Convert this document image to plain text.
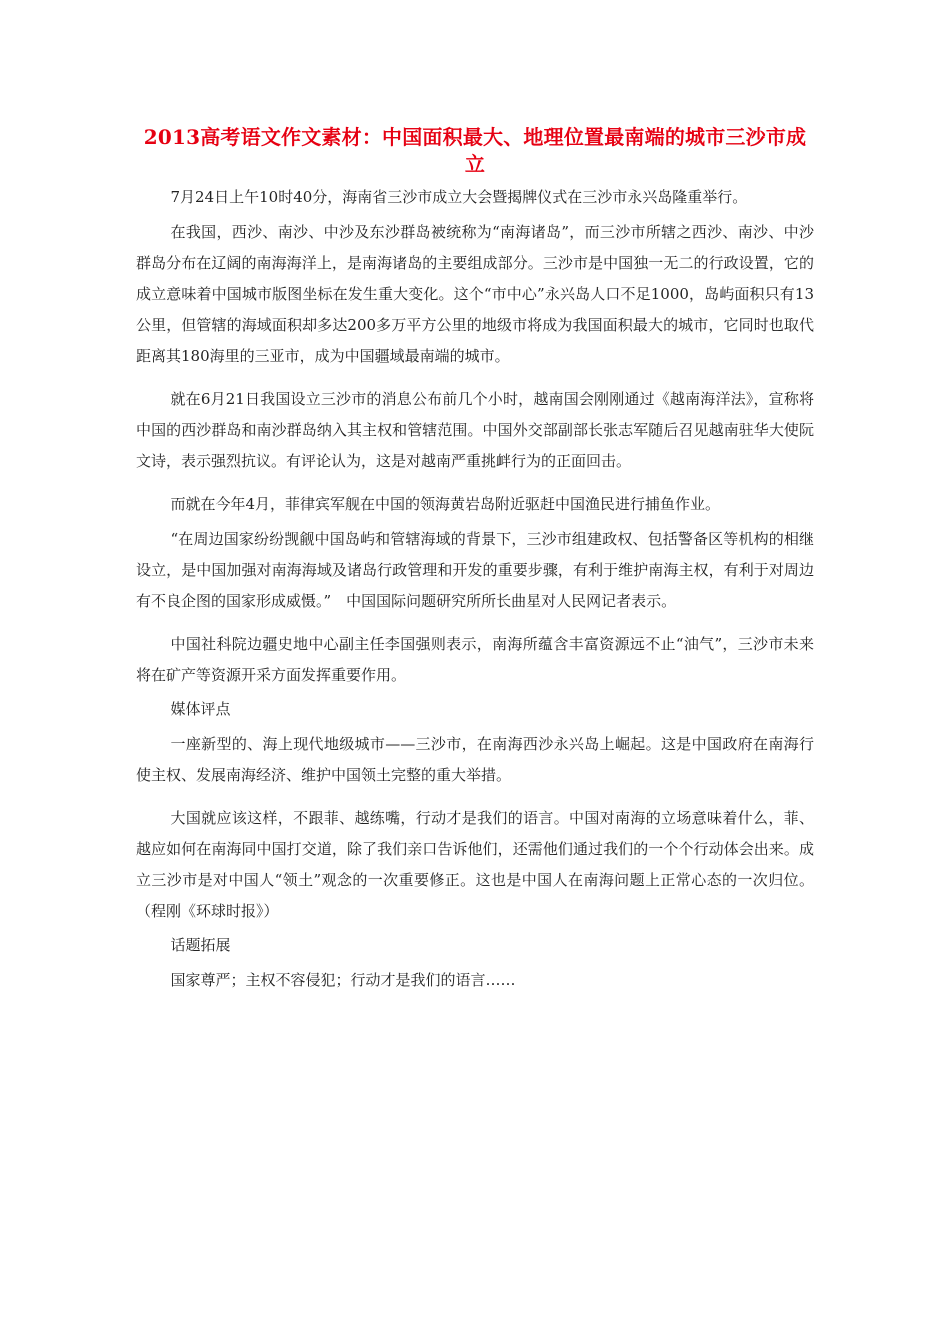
2013高考语文作文素材：中国面积最大、地理位置最南端的城市三沙市成立

7月24日上午10时40分，海南省三沙市成立大会暨揭牌仪式在三沙市永兴岛隆重举行。

在我国，西沙、南沙、中沙及东沙群岛被统称为“南海诸岛”，而三沙市所辖之西沙、南沙、中沙群岛分布在辽阔的南海海洋上，是南海诸岛的主要组成部分。三沙市是中国独一无二的行政设置，它的成立意味着中国城市版图坐标在发生重大变化。这个“市中心”永兴岛人口不足1000，岛屿面积只有13公里，但管辖的海域面积却多达200多万平方公里的地级市将成为我国面积最大的城市，它同时也取代距离其180海里的三亚市，成为中国疆域最南端的城市。

就在6月21日我国设立三沙市的消息公布前几个小时，越南国会刚刚通过《越南海洋法》，宣称将中国的西沙群岛和南沙群岛纳入其主权和管辖范围。中国外交部副部长张志军随后召见越南驻华大使阮文诗，表示强烈抗议。有评论认为，这是对越南严重挑衅行为的正面回击。

而就在今年4月，菲律宾军舰在中国的领海黄岩岛附近驱赶中国渔民进行捕鱼作业。

“在周边国家纷纷觊觎中国岛屿和管辖海域的背景下，三沙市组建政权、包括警备区等机构的相继设立，是中国加强对南海海域及诸岛行政管理和开发的重要步骤，有利于维护南海主权，有利于对周边有不良企图的国家形成威慑。”　中国国际问题研究所所长曲星对人民网记者表示。

中国社科院边疆史地中心副主任李国强则表示，南海所蕴含丰富资源远不止“油气”，三沙市未来将在矿产等资源开采方面发挥重要作用。

媒体评点

一座新型的、海上现代地级城市——三沙市，在南海西沙永兴岛上崛起。这是中国政府在南海行使主权、发展南海经济、维护中国领土完整的重大举措。

大国就应该这样，不跟菲、越练嘴，行动才是我们的语言。中国对南海的立场意味着什么，菲、越应如何在南海同中国打交道，除了我们亲口告诉他们，还需他们通过我们的一个个行动体会出来。成立三沙市是对中国人“领土”观念的一次重要修正。这也是中国人在南海问题上正常心态的一次归位。（程刚《环球时报》）

话题拓展

国家尊严；主权不容侵犯；行动才是我们的语言……
